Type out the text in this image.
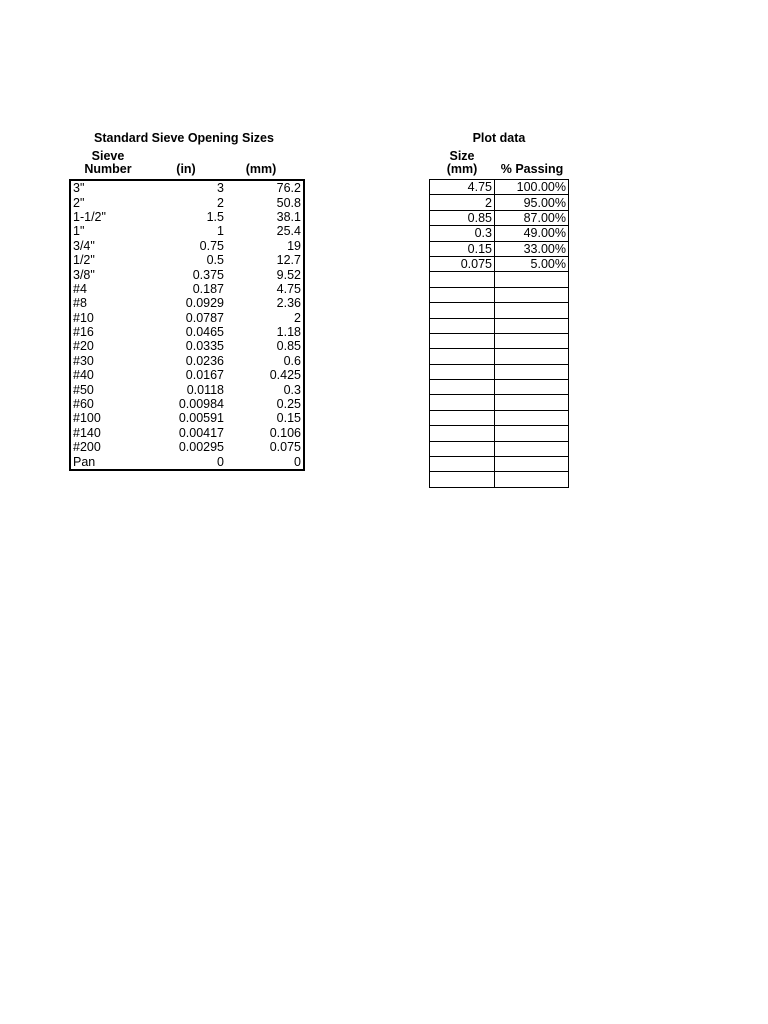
Standard Sieve Opening Sizes
Sieve
Number	(in)	(mm)
3"	3	76.2
2"	2	50.8
1-1/2"	1.5	38.1
1"	1	25.4
3/4"	0.75	19
1/2"	0.5	12.7
3/8"	0.375	9.52
#4	0.187	4.75
#8	0.0929	2.36
#10	0.0787	2
#16	0.0465	1.18
#20	0.0335	0.85
#30	0.0236	0.6
#40	0.0167	0.425
#50	0.0118	0.3
#60	0.00984	0.25
#100	0.00591	0.15
#140	0.00417	0.106
#200	0.00295	0.075
Pan	0	0
Plot data
Size
(mm)	% Passing
4.75	100.00%
2	95.00%
0.85	87.00%
0.3	49.00%
0.15	33.00%
0.075	5.00%
